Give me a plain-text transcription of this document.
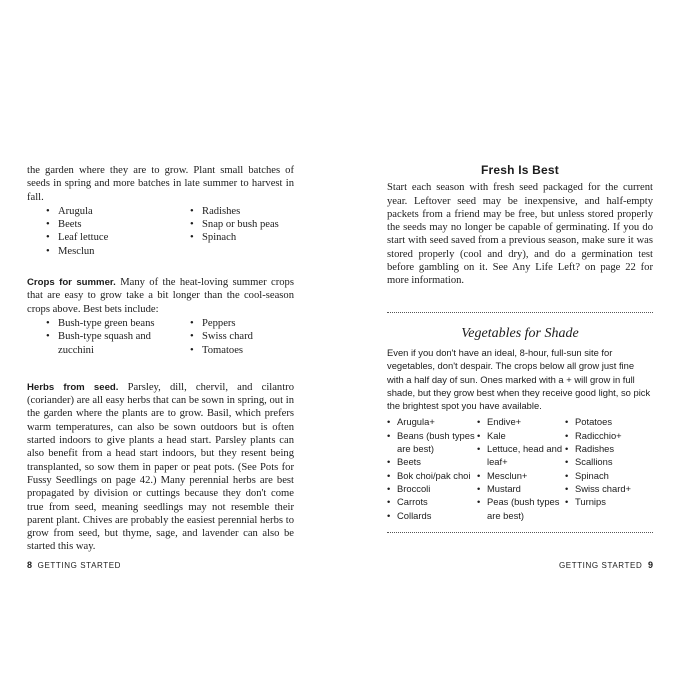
the garden where they are to grow. Plant small batches of seeds in spring and more batches in late summer to harvest in fall.

• Arugula
• Beets
• Leaf lettuce
• Mesclun
• Radishes
• Snap or bush peas
• Spinach

Crops for summer. Many of the heat-loving summer crops that are easy to grow take a bit longer than the cool-season crops above. Best bets include:

• Bush-type green beans
• Bush-type squash and zucchini
• Peppers
• Swiss chard
• Tomatoes

Herbs from seed. Parsley, dill, chervil, and cilantro (coriander) are all easy herbs that can be sown in spring, out in the garden where the plants are to grow. Basil, which prefers warm temperatures, can also be sown outdoors but is often started indoors to give plants a head start. Parsley plants can also benefit from a head start indoors, but they resent being transplanted, so sow them in paper or peat pots. (See Pots for Fussy Seedlings on page 42.) Many perennial herbs are best propagated by division or cuttings because they don't come true from seed, meaning seedlings may not resemble their parent plant. Chives are probably the easiest perennial herbs to grow from seed, but thyme, sage, and lavender can also be started this way.

Fresh Is Best

Start each season with fresh seed packaged for the current year. Leftover seed may be inexpensive, and half-empty packets from a friend may be free, but unless stored properly the seeds may no longer be capable of germinating. If you do start with seed saved from a previous season, make sure it was stored properly (cool and dry), and do a germination test before gambling on it. See Any Life Left? on page 22 for more information.

Vegetables for Shade

Even if you don't have an ideal, 8-hour, full-sun site for vegetables, don't despair. The crops below all grow just fine with a half day of sun. Ones marked with a + will grow in full shade, but they grow best when they receive good light, so pick the brightest spot you have available.

• Arugula+
• Beans (bush types are best)
• Beets
• Bok choi/pak choi
• Broccoli
• Carrots
• Collards
• Endive+
• Kale
• Lettuce, head and leaf+
• Mesclun+
• Mustard
• Peas (bush types are best)
• Potatoes
• Radicchio+
• Radishes
• Scallions
• Spinach
• Swiss chard+
• Turnips
8 GETTING STARTED	GETTING STARTED 9
